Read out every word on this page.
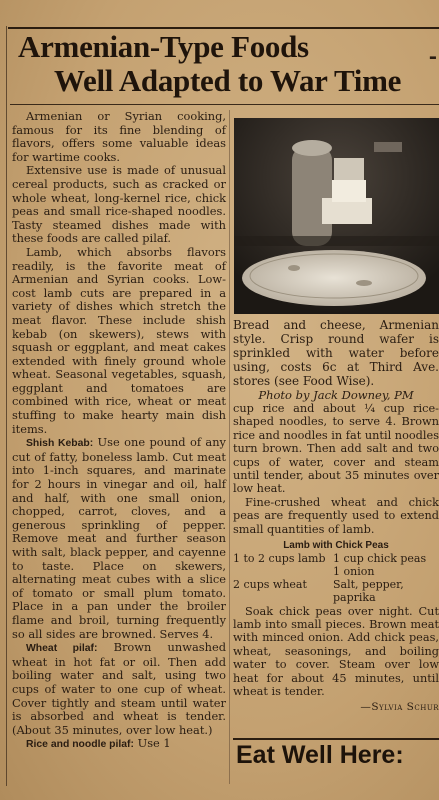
Armenian-Type Foods
Well Adapted to War Time
-

Armenian or Syrian cooking, famous for its fine blending of flavors, offers some valuable ideas for wartime cooks.

Extensive use is made of unusual cereal products, such as cracked or whole wheat, long-kernel rice, chick peas and small rice-shaped noodles. Tasty steamed dishes made with these foods are called pilaf.

Lamb, which absorbs flavors readily, is the favorite meat of Armenian and Syrian cooks. Low-cost lamb cuts are prepared in a variety of dishes which stretch the meat flavor. These include shish kebab (on skewers), stews with squash or eggplant, and meat cakes extended with finely ground whole wheat. Seasonal vegetables, squash, eggplant and tomatoes are combined with rice, wheat or meat stuffing to make hearty main dish items.

Shish Kebab: Use one pound of any cut of fatty, boneless lamb. Cut meat into 1-inch squares, and marinate for 2 hours in vinegar and oil, half and half, with one small onion, chopped, carrot, cloves, and a generous sprinkling of pepper. Remove meat and further season with salt, black pepper, and cayenne to taste. Place on skewers, alternating meat cubes with a slice of tomato or small plum tomato. Place in a pan under the broiler flame and broil, turning frequently so all sides are browned. Serves 4.

Wheat pilaf: Brown unwashed wheat in hot fat or oil. Then add boiling water and salt, using two cups of water to one cup of wheat. Cover tightly and steam until water is absorbed and wheat is tender. (About 35 minutes, over low heat.)

Rice and noodle pilaf: Use 1

Bread and cheese, Armenian style. Crisp round wafer is sprinkled with water before using, costs 6c at Third Ave. stores (see Food Wise).
Photo by Jack Downey, PM

cup rice and about ¼ cup rice-shaped noodles, to serve 4. Brown rice and noodles in fat until noodles turn brown. Then add salt and two cups of water, cover and steam until tender, about 35 minutes over low heat.

Fine-crushed wheat and chick peas are frequently used to extend small quantities of lamb.

Lamb with Chick Peas
1 to 2 cups lamb 1 cup chick peas
1 onion
2 cups wheat	Salt, pepper, paprika

Soak chick peas over night. Cut lamb into small pieces. Brown meat with minced onion. Add chick peas, wheat, seasonings, and boiling water to cover. Steam over low heat for about 45 minutes, until wheat is tender.

—Sylvia Schur
Eat Well Here:
